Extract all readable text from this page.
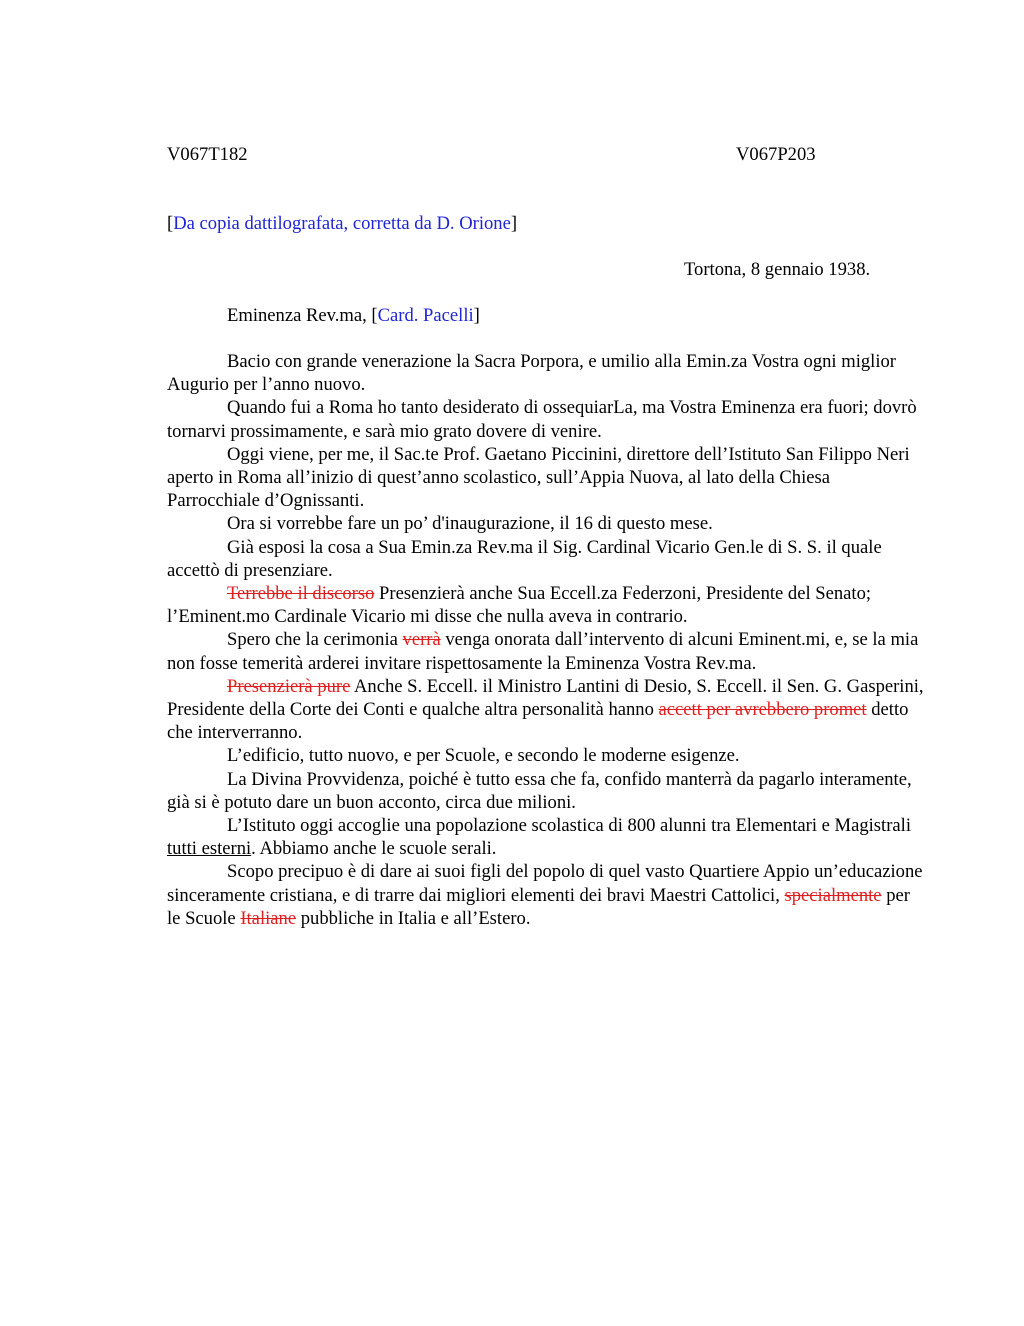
V067T182	V067P203
[Da copia dattilografata, corretta da D. Orione]
Tortona, 8 gennaio 1938.
Eminenza Rev.ma, [Card. Pacelli]

Bacio con grande venerazione la Sacra Porpora, e umilio alla Emin.za Vostra ogni miglior Augurio per l’anno nuovo.

Quando fui a Roma ho tanto desiderato di ossequiarLa, ma Vostra Eminenza era fuori; dovrò tornarvi prossimamente, e sarà mio grato dovere di venire.

Oggi viene, per me, il Sac.te Prof. Gaetano Piccinini, direttore dell’Istituto San Filippo Neri aperto in Roma all’inizio di quest’anno scolastico, sull’Appia Nuova, al lato della Chiesa Parrocchiale d’Ognissanti.

Ora si vorrebbe fare un po’ d'inaugurazione, il 16 di questo mese.

Già esposi la cosa a Sua Emin.za Rev.ma il Sig. Cardinal Vicario Gen.le di S. S. il quale accettò di presenziare.

Terrebbe il discorso Presenzierà anche Sua Eccell.za Federzoni, Presidente del Senato; l’Eminent.mo Cardinale Vicario mi disse che nulla aveva in contrario.

Spero che la cerimonia verrà venga onorata dall’intervento di alcuni Eminent.mi, e, se la mia non fosse temerità arderei invitare rispettosamente la Eminenza Vostra Rev.ma.

Presenzierà pure Anche S. Eccell. il Ministro Lantini di Desio, S. Eccell. il Sen. G. Gasperini, Presidente della Corte dei Conti e qualche altra personalità hanno accett per avrebbero promet detto che interverranno.

L’edificio, tutto nuovo, e per Scuole, e secondo le moderne esigenze.

La Divina Provvidenza, poiché è tutto essa che fa, confido manterrà da pagarlo interamente, già si è potuto dare un buon acconto, circa due milioni.

L’Istituto oggi accoglie una popolazione scolastica di 800 alunni tra Elementari e Magistrali tutti esterni. Abbiamo anche le scuole serali.

Scopo precipuo è di dare ai suoi figli del popolo di quel vasto Quartiere Appio un’educazione sinceramente cristiana, e di trarre dai migliori elementi dei bravi Maestri Cattolici, specialmente per le Scuole Italiane pubbliche in Italia e all’Estero.
